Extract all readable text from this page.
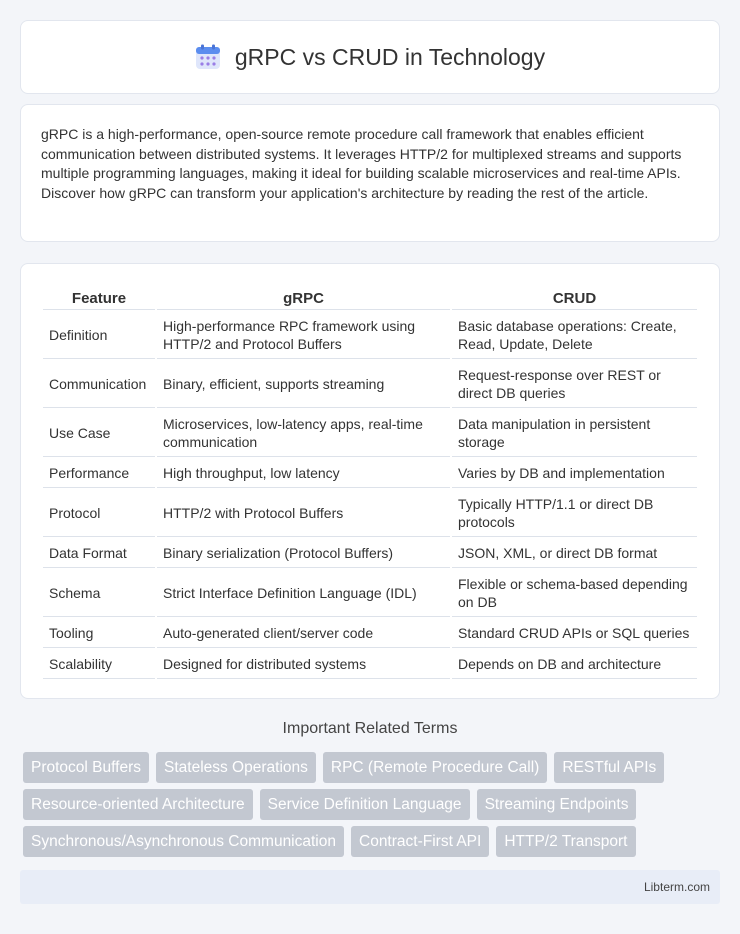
gRPC vs CRUD in Technology

gRPC is a high-performance, open-source remote procedure call framework that enables efficient communication between distributed systems. It leverages HTTP/2 for multiplexed streams and supports multiple programming languages, making it ideal for building scalable microservices and real-time APIs. Discover how gRPC can transform your application's architecture by reading the rest of the article.

Feature	gRPC	CRUD
Definition	High-performance RPC framework using HTTP/2 and Protocol Buffers	Basic database operations: Create, Read, Update, Delete
Communication	Binary, efficient, supports streaming	Request-response over REST or direct DB queries
Use Case	Microservices, low-latency apps, real-time communication	Data manipulation in persistent storage
Performance	High throughput, low latency	Varies by DB and implementation
Protocol	HTTP/2 with Protocol Buffers	Typically HTTP/1.1 or direct DB protocols
Data Format	Binary serialization (Protocol Buffers)	JSON, XML, or direct DB format
Schema	Strict Interface Definition Language (IDL)	Flexible or schema-based depending on DB
Tooling	Auto-generated client/server code	Standard CRUD APIs or SQL queries
Scalability	Designed for distributed systems	Depends on DB and architecture
Important Related Terms
Protocol Buffers	Stateless Operations	RPC (Remote Procedure Call)	RESTful APIs
Resource-oriented Architecture	Service Definition Language	Streaming Endpoints
Synchronous/Asynchronous Communication	Contract-First API	HTTP/2 Transport
Libterm.com
